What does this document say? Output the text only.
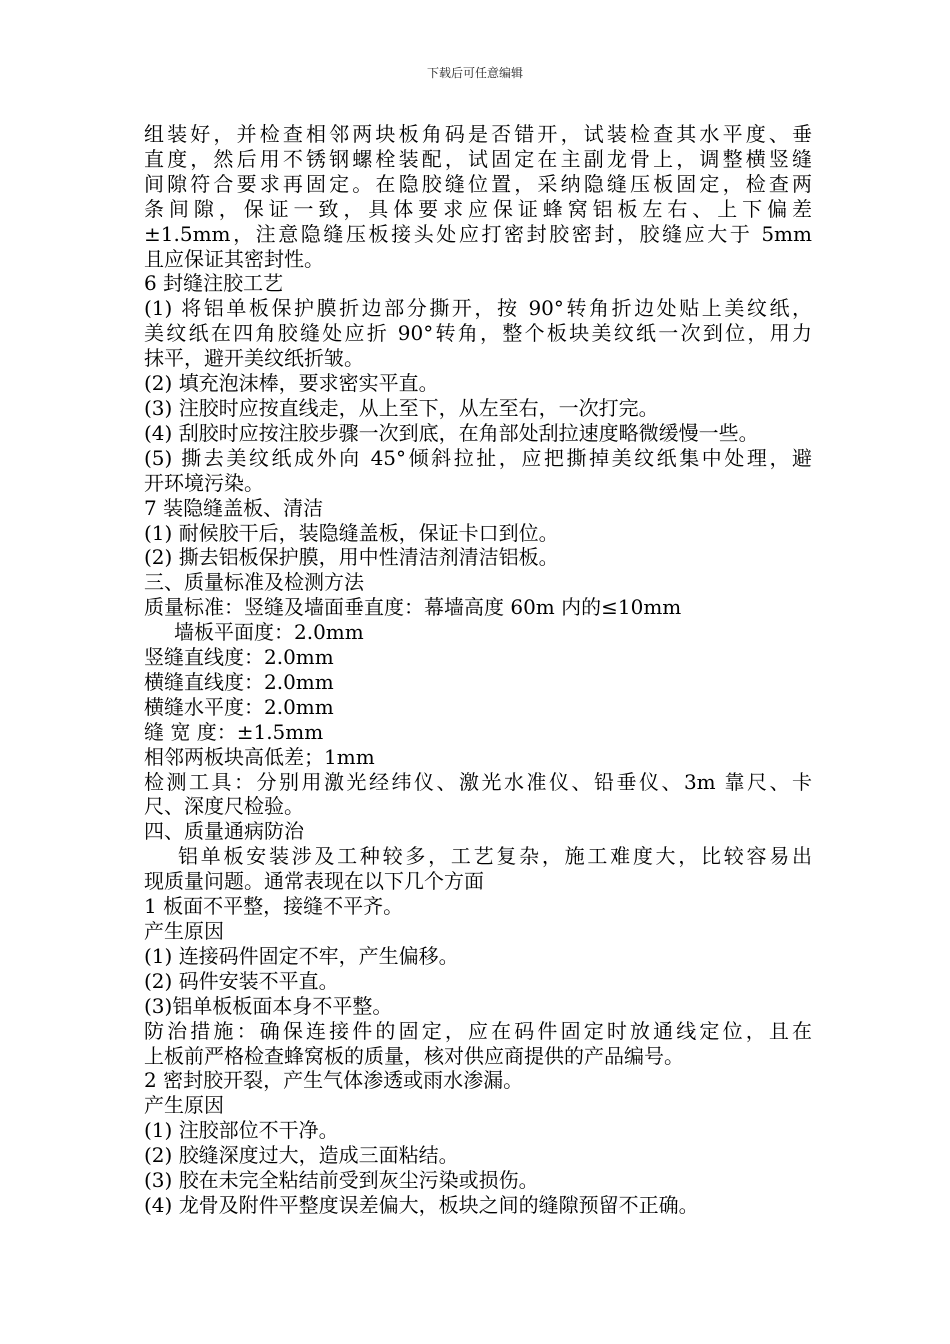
下载后可任意编辑
组装好，并检查相邻两块板角码是否错开，试装检查其水平度、垂
直度，然后用不锈钢螺栓装配，试固定在主副龙骨上，调整横竖缝
间隙符合要求再固定。在隐胶缝位置，采纳隐缝压板固定，检查两
条间隙，保证一致，具体要求应保证蜂窝铝板左右、上下偏差
±1.5mm，注意隐缝压板接头处应打密封胶密封，胶缝应大于 5mm
且应保证其密封性。
6 封缝注胶工艺
(1) 将铝单板保护膜折边部分撕开，按 90°转角折边处贴上美纹纸，
美纹纸在四角胶缝处应折 90°转角，整个板块美纹纸一次到位，用力
抹平，避开美纹纸折皱。
(2) 填充泡沫棒，要求密实平直。
(3) 注胶时应按直线走，从上至下，从左至右，一次打完。
(4) 刮胶时应按注胶步骤一次到底，在角部处刮拉速度略微缓慢一些。
(5) 撕去美纹纸成外向 45°倾斜拉扯，应把撕掉美纹纸集中处理，避
开环境污染。
7 装隐缝盖板、清洁
(1) 耐候胶干后，装隐缝盖板，保证卡口到位。
(2) 撕去铝板保护膜，用中性清洁剂清洁铝板。
三、质量标准及检测方法
质量标准：竖缝及墙面垂直度：幕墙高度 60m 内的≤10mm
墙板平面度：2.0mm
竖缝直线度：2.0mm
横缝直线度：2.0mm
横缝水平度：2.0mm
缝 宽 度：±1.5mm
相邻两板块高低差；1mm
检测工具：分别用激光经纬仪、激光水准仪、铅垂仪、3m 靠尺、卡
尺、深度尺检验。
四、质量通病防治
铝单板安装涉及工种较多，工艺复杂，施工难度大，比较容易出
现质量问题。通常表现在以下几个方面
1 板面不平整，接缝不平齐。
产生原因
(1) 连接码件固定不牢，产生偏移。
(2) 码件安装不平直。
(3)铝单板板面本身不平整。
防治措施：确保连接件的固定，应在码件固定时放通线定位，且在
上板前严格检查蜂窝板的质量，核对供应商提供的产品编号。
2 密封胶开裂，产生气体渗透或雨水渗漏。
产生原因
(1) 注胶部位不干净。
(2) 胶缝深度过大，造成三面粘结。
(3) 胶在未完全粘结前受到灰尘污染或损伤。
(4) 龙骨及附件平整度误差偏大，板块之间的缝隙预留不正确。
